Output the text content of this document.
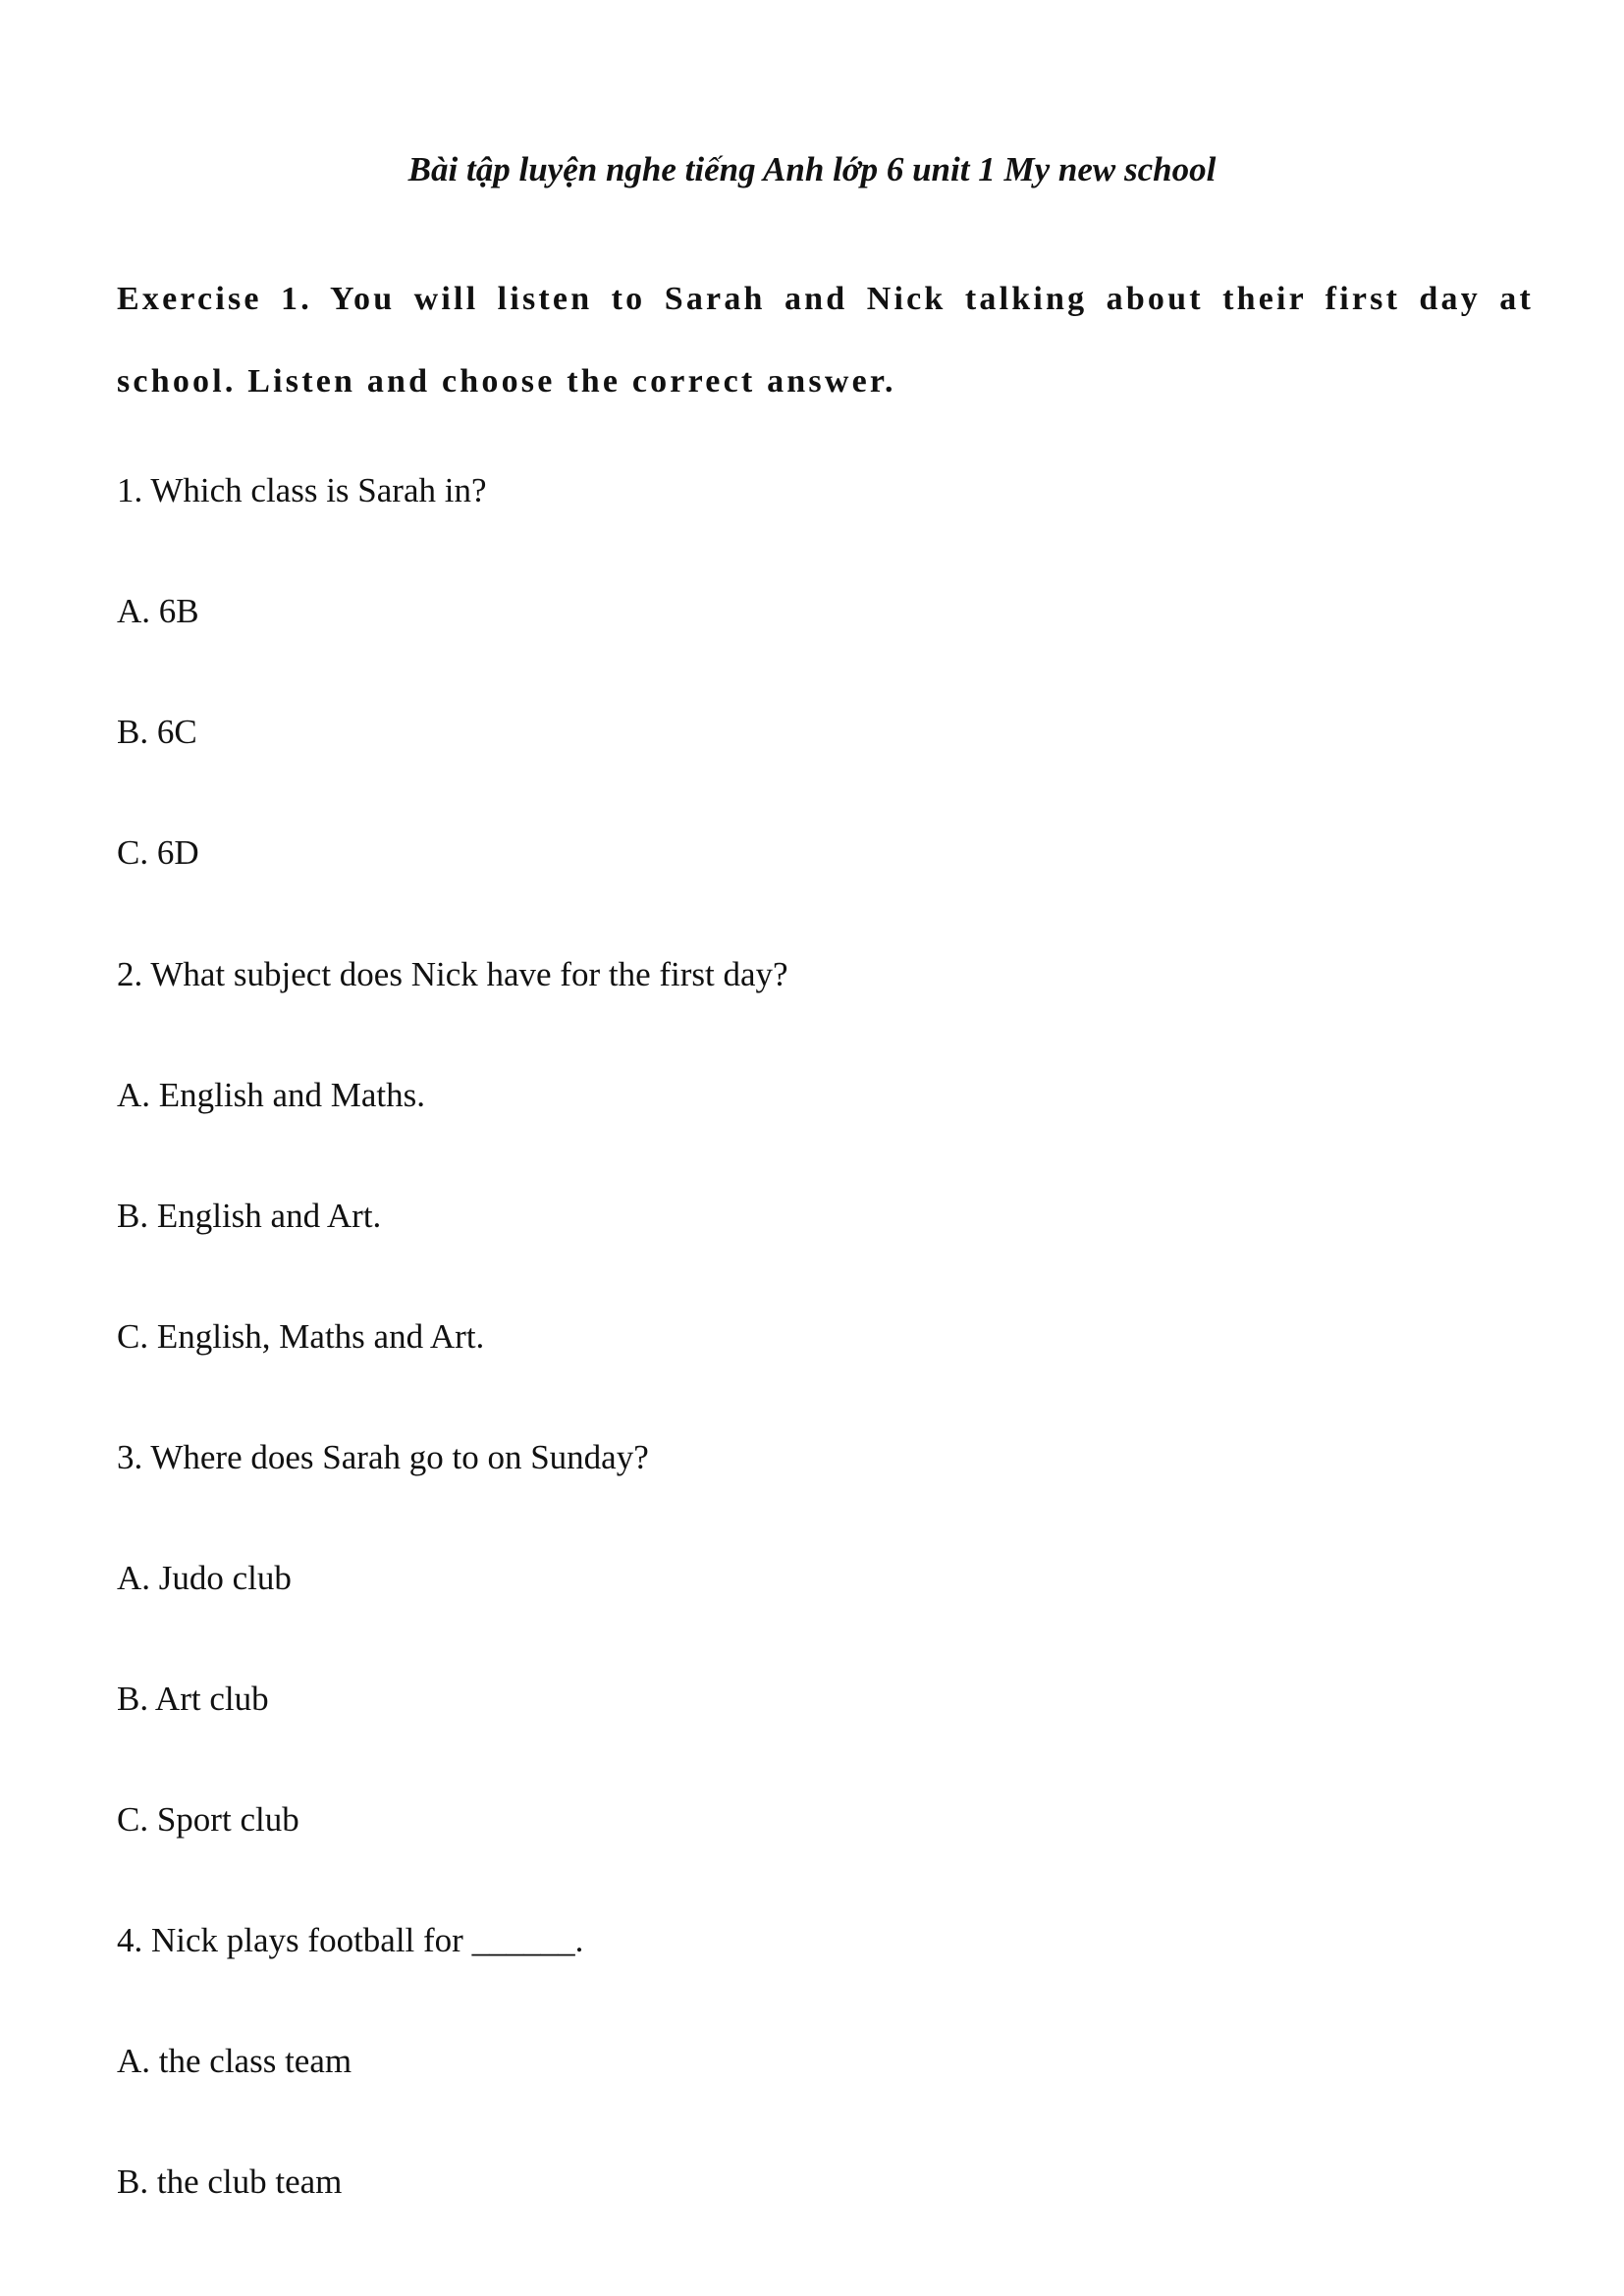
Bài tập luyện nghe tiếng Anh lớp 6 unit 1 My new school

Exercise 1. You will listen to Sarah and Nick talking about their first day at school. Listen and choose the correct answer.

1. Which class is Sarah in?

A. 6B

B. 6C

C. 6D

2. What subject does Nick have for the first day?

A. English and Maths.

B. English and Art.

C. English, Maths and Art.

3. Where does Sarah go to on Sunday?

A. Judo club

B. Art club

C. Sport club

4. Nick plays football for ______.

A. the class team

B. the club team
